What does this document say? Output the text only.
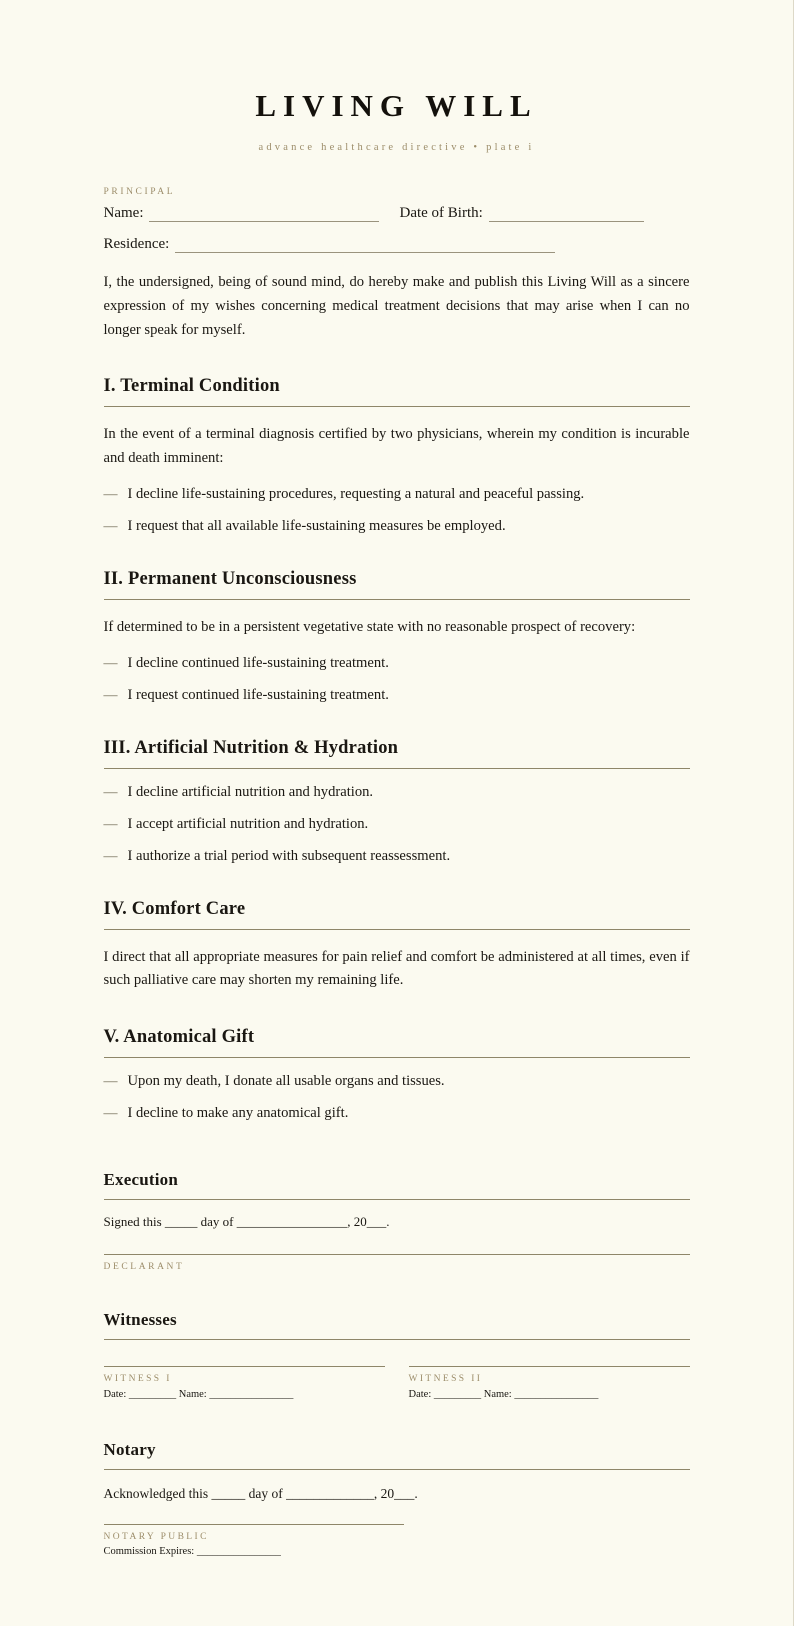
LIVING WILL
advance healthcare directive • plate i
PRINCIPAL
Name:	Date of Birth:
Residence:

I, the undersigned, being of sound mind, do hereby make and publish this Living Will as a sincere expression of my wishes concerning medical treatment decisions that may arise when I can no longer speak for myself.

I. Terminal Condition

In the event of a terminal diagnosis certified by two physicians, wherein my condition is incurable and death imminent:

— I decline life-sustaining procedures, requesting a natural and peaceful passing.
— I request that all available life-sustaining measures be employed.
II. Permanent Unconsciousness

If determined to be in a persistent vegetative state with no reasonable prospect of recovery:

— I decline continued life-sustaining treatment.
— I request continued life-sustaining treatment.
III. Artificial Nutrition & Hydration
— I decline artificial nutrition and hydration.
— I accept artificial nutrition and hydration.
— I authorize a trial period with subsequent reassessment.
IV. Comfort Care

I direct that all appropriate measures for pain relief and comfort be administered at all times, even if such palliative care may shorten my remaining life.

V. Anatomical Gift
— Upon my death, I donate all usable organs and tissues.
— I decline to make any anatomical gift.
Execution
Signed this _____ day of _________________, 20___.
DECLARANT
Witnesses
WITNESS I
Date: _________ Name: ________________
WITNESS II
Date: _________ Name: ________________
Notary
Acknowledged this _____ day of _____________, 20___.
NOTARY PUBLIC
Commission Expires: ________________
